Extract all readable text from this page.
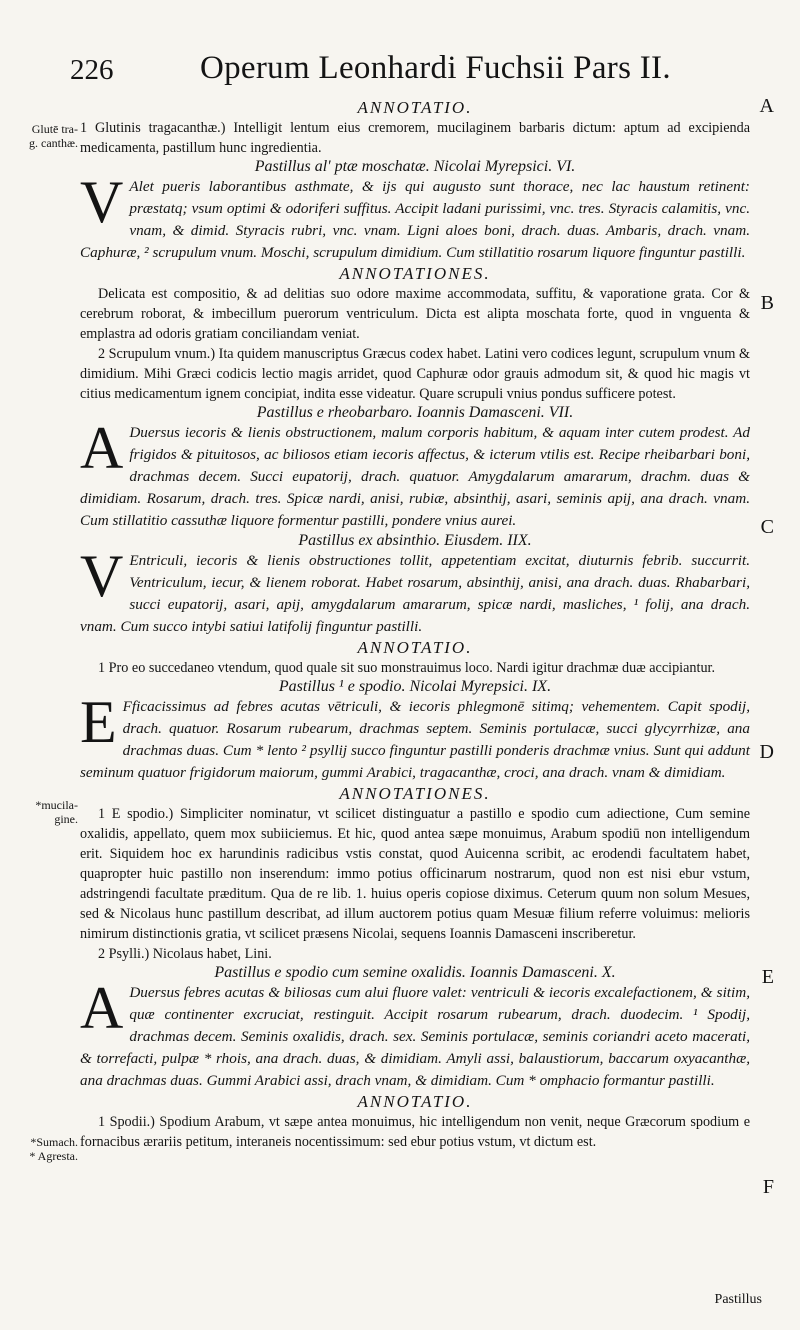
226	Operum Leonhardi Fuchsii Pars II.
A
B
C
D
E
F
Glutē tra-
g. canthæ.
*mucila-
gine.
*Sumach.
* Agresta.
ANNOTATIO.
1 Glutinis tragacanthæ.) Intelligit lentum eius cremorem, mucilaginem barbaris dictum: aptum ad excipienda medicamenta, pastillum hunc ingredientia.
Pastillus al' ptæ moschatæ. Nicolai Myrepsici. VI.
V Alet pueris laborantibus asthmate, & ijs qui augusto sunt thorace, nec lac haustum retinent: præstatq; vsum optimi & odoriferi suffitus. Accipit ladani purissimi, vnc. tres. Styracis calamitis, vnc. vnam, & dimid. Styracis rubri, vnc. vnam. Ligni aloes boni, drach. duas. Ambaris, drach. vnam. Caphuræ, ² scrupulum vnum. Moschi, scrupulum dimidium. Cum stillatitio rosarum liquore finguntur pastilli.
ANNOTATIONES.
Delicata est compositio, & ad delitias suo odore maxime accommodata, suffitu, & vaporatione grata. Cor & cerebrum roborat, & imbecillum puerorum ventriculum. Dicta est alipta moschata forte, quod in vnguenta & emplastra ad odoris gratiam conciliandam veniat.
2 Scrupulum vnum.) Ita quidem manuscriptus Græcus codex habet. Latini vero codices legunt, scrupulum vnum & dimidium. Mihi Græci codicis lectio magis arridet, quod Caphuræ odor grauis admodum sit, & quod hic magis vt citius medicamentum ignem concipiat, indita esse videatur. Quare scrupuli vnius pondus sufficere potest.
Pastillus e rheobarbaro. Ioannis Damasceni. VII.
A Duersus iecoris & lienis obstructionem, malum corporis habitum, & aquam inter cutem prodest. Ad frigidos & pituitosos, ac biliosos etiam iecoris affectus, & icterum vtilis est. Recipe rheibarbari boni, drachmas decem. Succi eupatorij, drach. quatuor. Amygdalarum amararum, drachm. duas & dimidiam. Rosarum, drach. tres. Spicæ nardi, anisi, rubiæ, absinthij, asari, seminis apij, ana drach. vnam. Cum stillatitio cassuthæ liquore formentur pastilli, pondere vnius aurei.
Pastillus ex absinthio. Eiusdem. IIX.
V Entriculi, iecoris & lienis obstructiones tollit, appetentiam excitat, diuturnis febrib. succurrit. Ventriculum, iecur, & lienem roborat. Habet rosarum, absinthij, anisi, ana drach. duas. Rhabarbari, succi eupatorij, asari, apij, amygdalarum amararum, spicæ nardi, masliches, ¹ folij, ana drach. vnam. Cum succo intybi satiui latifolij finguntur pastilli.
ANNOTATIO.
1 Pro eo succedaneo vtendum, quod quale sit suo monstrauimus loco. Nardi igitur drachmæ duæ accipiantur.
Pastillus ¹ e spodio. Nicolai Myrepsici. IX.
E Fficacissimus ad febres acutas vētriculi, & iecoris phlegmonē sitimq; vehementem. Capit spodij, drach. quatuor. Rosarum rubearum, drachmas septem. Seminis portulacæ, succi glycyrrhizæ, ana drachmas duas. Cum * lento ² psyllij succo finguntur pastilli ponderis drachmæ vnius. Sunt qui addunt seminum quatuor frigidorum maiorum, gummi Arabici, tragacanthæ, croci, ana drach. vnam & dimidiam.
ANNOTATIONES.
1 E spodio.) Simpliciter nominatur, vt scilicet distinguatur a pastillo e spodio cum adiectione, Cum semine oxalidis, appellato, quem mox subiiciemus. Et hic, quod antea sæpe monuimus, Arabum spodiū non intelligendum erit. Siquidem hoc ex harundinis radicibus vstis constat, quod Auicenna scribit, ac erodendi facultatem habet, quapropter huic pastillo non inserendum: immo potius officinarum nostrarum, quod non est nisi ebur vstum, adstringendi facultate præditum. Qua de re lib. 1. huius operis copiose diximus. Ceterum quum non solum Mesues, sed & Nicolaus hunc pastillum describat, ad illum auctorem potius quam Mesuæ filium referre voluimus: melioris nimirum distinctionis gratia, vt scilicet præsens Nicolai, sequens Ioannis Damasceni inscriberetur.
2 Psylli.) Nicolaus habet, Lini.
Pastillus e spodio cum semine oxalidis. Ioannis Damasceni. X.
A Duersus febres acutas & biliosas cum alui fluore valet: ventriculi & iecoris excalefactionem, & sitim, quæ continenter excruciat, restinguit. Accipit rosarum rubearum, drach. duodecim. ¹ Spodij, drachmas decem. Seminis oxalidis, drach. sex. Seminis portulacæ, seminis coriandri aceto macerati, & torrefacti, pulpæ * rhois, ana drach. duas, & dimidiam. Amyli assi, balaustiorum, baccarum oxyacanthæ, ana drachmas duas. Gummi Arabici assi, drach vnam, & dimidiam. Cum * omphacio formantur pastilli.
ANNOTATIO.
1 Spodii.) Spodium Arabum, vt sæpe antea monuimus, hic intelligendum non venit, neque Græcorum spodium e fornacibus ærariis petitum, interaneis nocentissimum: sed ebur potius vstum, vt dictum est.
Pastillus
